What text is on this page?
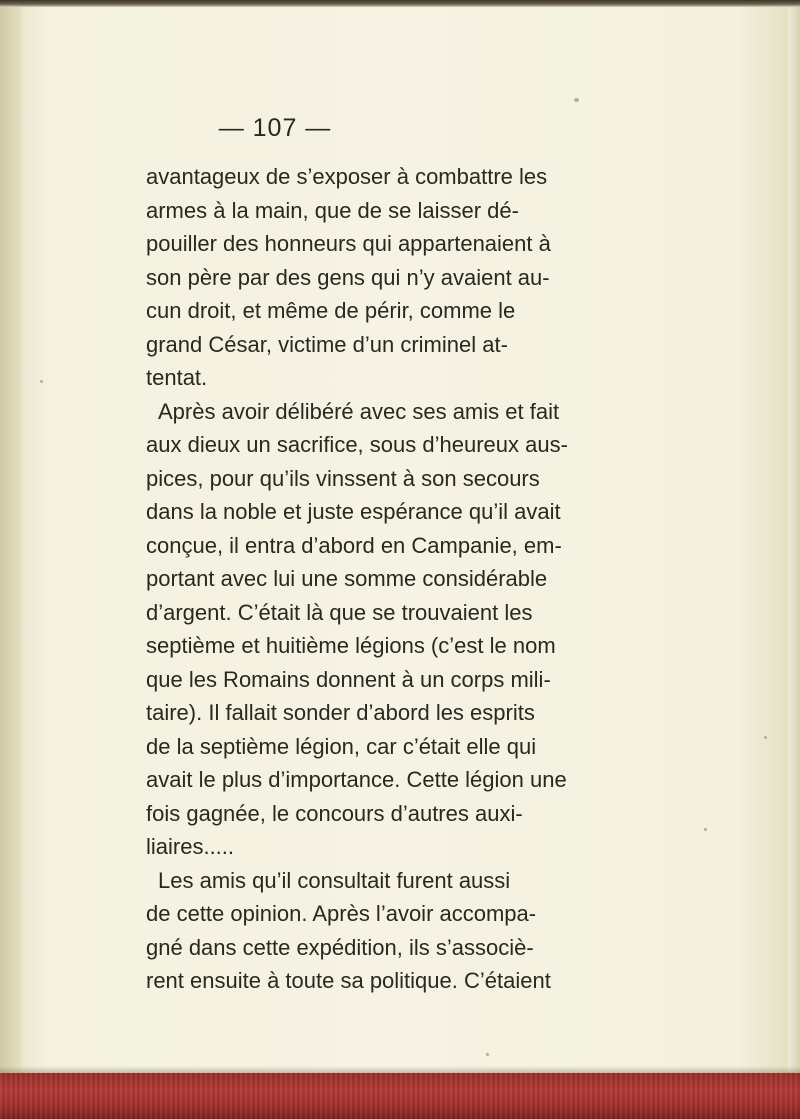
— 107 —
avantageux de s’exposer à combattre les
armes à la main, que de se laisser dé-
pouiller des honneurs qui appartenaient à
son père par des gens qui n’y avaient au-
cun droit, et même de périr, comme le
grand César, victime d’un criminel at-
tentat.
Après avoir délibéré avec ses amis et fait
aux dieux un sacrifice, sous d’heureux aus-
pices, pour qu’ils vinssent à son secours
dans la noble et juste espérance qu’il avait
conçue, il entra d’abord en Campanie, em-
portant avec lui une somme considérable
d’argent. C’était là que se trouvaient les
septième et huitième légions (c’est le nom
que les Romains donnent à un corps mili-
taire). Il fallait sonder d’abord les esprits
de la septième légion, car c’était elle qui
avait le plus d’importance. Cette légion une
fois gagnée, le concours d’autres auxi-
liaires.....
Les amis qu’il consultait furent aussi
de cette opinion. Après l’avoir accompa-
gné dans cette expédition, ils s’associè-
rent ensuite à toute sa politique. C’étaient
